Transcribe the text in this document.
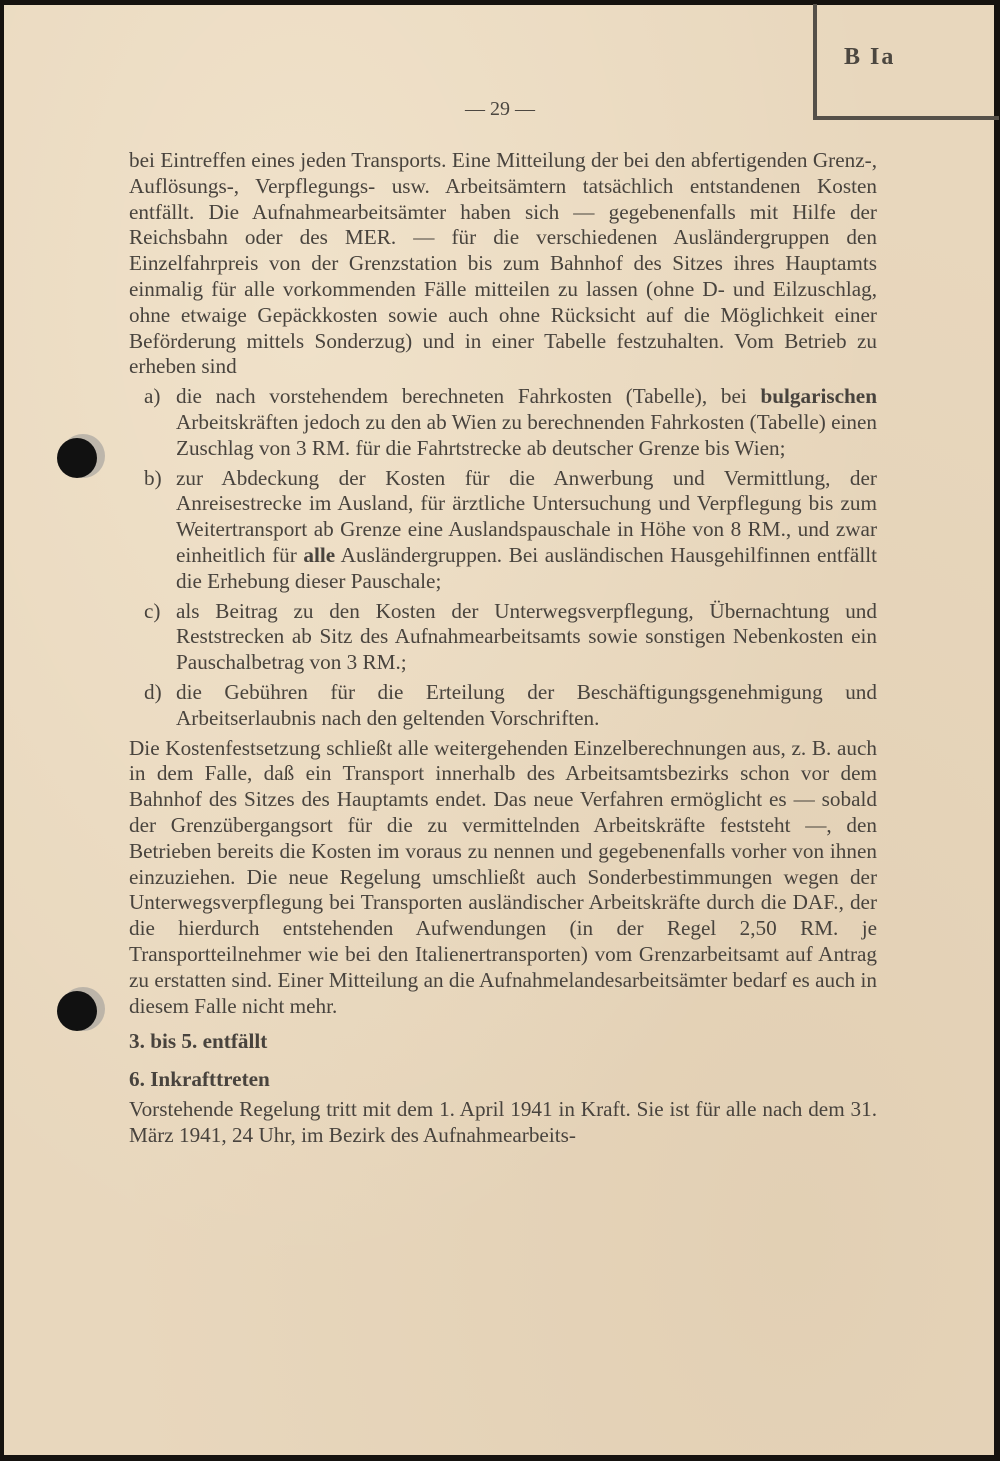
B Ia
— 29 —

bei Eintreffen eines jeden Transports. Eine Mitteilung der bei den abfertigenden Grenz-, Auflösungs-, Verpflegungs- usw. Arbeitsämtern tatsächlich entstandenen Kosten entfällt. Die Aufnahmearbeitsämter haben sich — gegebenenfalls mit Hilfe der Reichsbahn oder des MER. — für die verschiedenen Ausländergruppen den Einzelfahrpreis von der Grenzstation bis zum Bahnhof des Sitzes ihres Hauptamts einmalig für alle vorkommenden Fälle mitteilen zu lassen (ohne D- und Eilzuschlag, ohne etwaige Gepäckkosten sowie auch ohne Rücksicht auf die Möglichkeit einer Beförderung mittels Sonderzug) und in einer Tabelle festzuhalten. Vom Betrieb zu erheben sind

a) die nach vorstehendem berechneten Fahrkosten (Tabelle), bei bulgarischen Arbeitskräften jedoch zu den ab Wien zu berechnenden Fahrkosten (Tabelle) einen Zuschlag von 3 RM. für die Fahrtstrecke ab deutscher Grenze bis Wien;
b) zur Abdeckung der Kosten für die Anwerbung und Vermittlung, der Anreisestrecke im Ausland, für ärztliche Untersuchung und Verpflegung bis zum Weitertransport ab Grenze eine Auslandspauschale in Höhe von 8 RM., und zwar einheitlich für alle Ausländergruppen. Bei ausländischen Hausgehilfinnen entfällt die Erhebung dieser Pauschale;
c) als Beitrag zu den Kosten der Unterwegsverpflegung, Übernachtung und Reststrecken ab Sitz des Aufnahmearbeitsamts sowie sonstigen Nebenkosten ein Pauschalbetrag von 3 RM.;
d) die Gebühren für die Erteilung der Beschäftigungsgenehmigung und Arbeitserlaubnis nach den geltenden Vorschriften.

Die Kostenfestsetzung schließt alle weitergehenden Einzelberechnungen aus, z. B. auch in dem Falle, daß ein Transport innerhalb des Arbeitsamtsbezirks schon vor dem Bahnhof des Sitzes des Hauptamts endet. Das neue Verfahren ermöglicht es — sobald der Grenzübergangsort für die zu vermittelnden Arbeitskräfte feststeht —, den Betrieben bereits die Kosten im voraus zu nennen und gegebenenfalls vorher von ihnen einzuziehen. Die neue Regelung umschließt auch Sonderbestimmungen wegen der Unterwegsverpflegung bei Transporten ausländischer Arbeitskräfte durch die DAF., der die hierdurch entstehenden Aufwendungen (in der Regel 2,50 RM. je Transportteilnehmer wie bei den Italienertransporten) vom Grenzarbeitsamt auf Antrag zu erstatten sind. Einer Mitteilung an die Aufnahmelandesarbeitsämter bedarf es auch in diesem Falle nicht mehr.

3. bis 5. entfällt
6. Inkrafttreten

Vorstehende Regelung tritt mit dem 1. April 1941 in Kraft. Sie ist für alle nach dem 31. März 1941, 24 Uhr, im Bezirk des Aufnahmearbeits-
